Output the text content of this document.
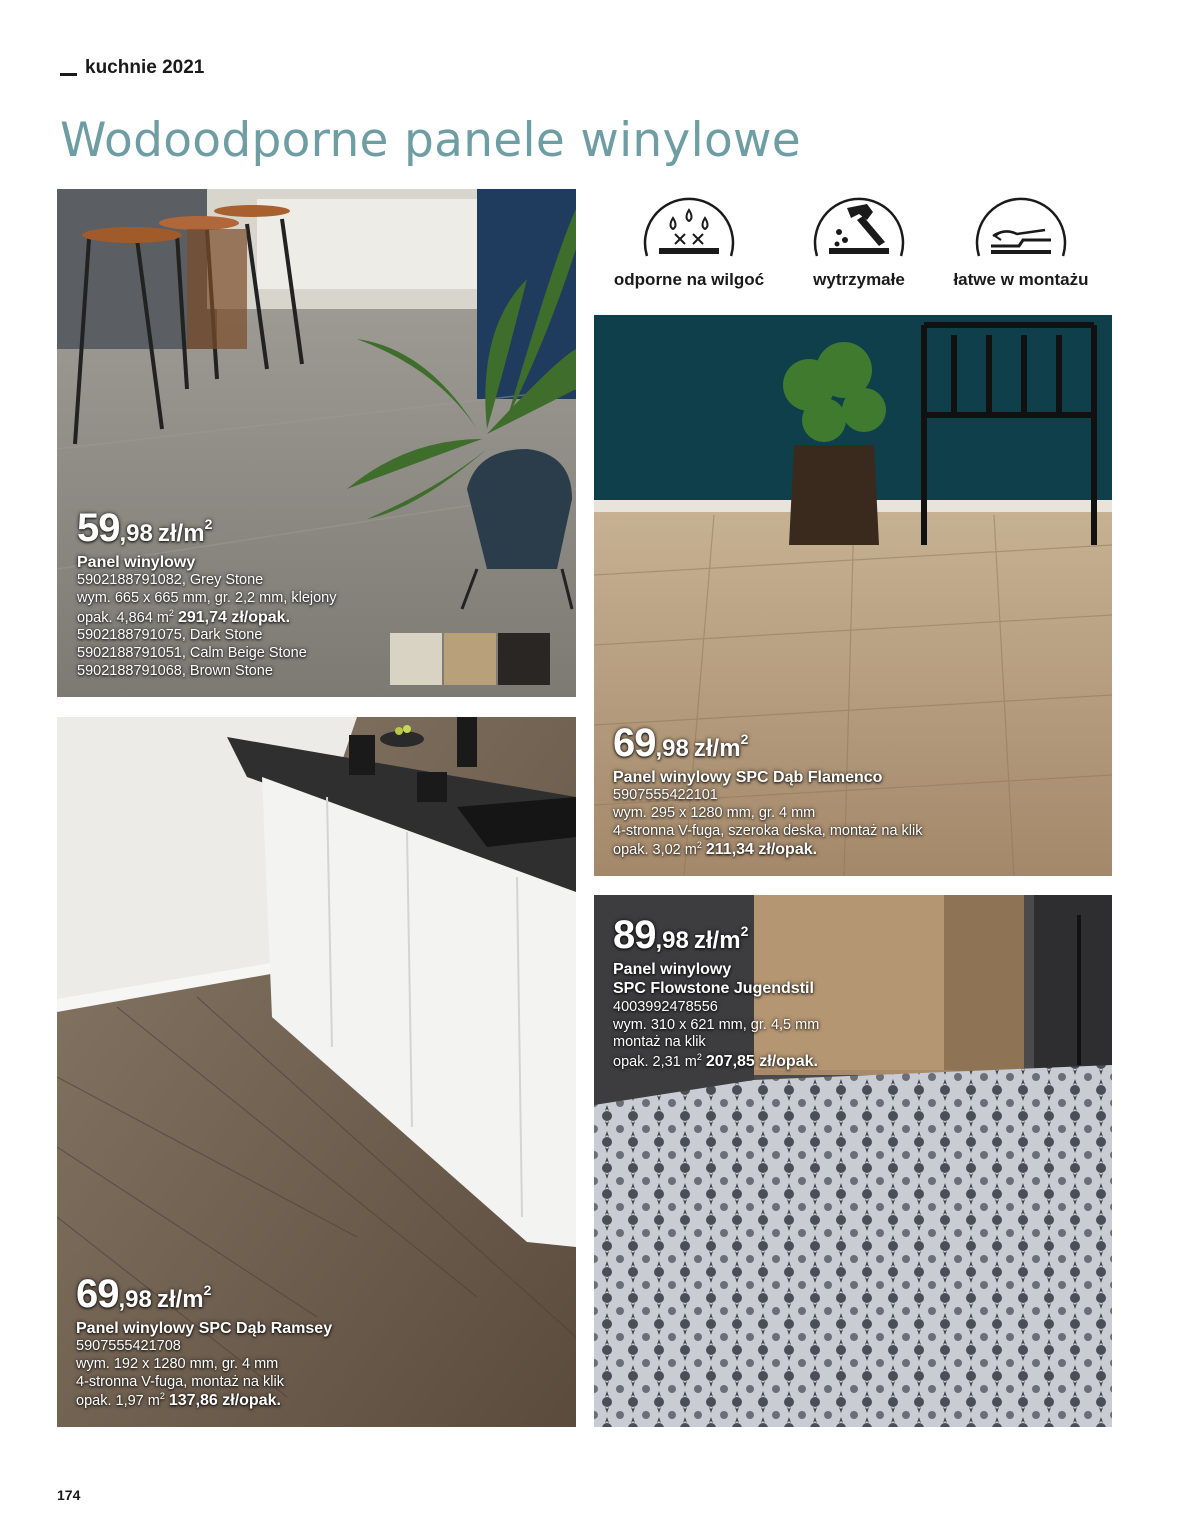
kuchnie 2021
Wodoodporne panele winylowe
odporne na wilgoć	wytrzymałe	łatwe w montażu
59,98 $zł/m^2$
Panel winylowy
5902188791082, Grey Stone
wym. 665 x 665 mm, gr. 2,2 mm, klejony
opak. 4,864 $m^2$ 291,74 zł/opak.
5902188791075, Dark Stone
5902188791051, Calm Beige Stone
5902188791068, Brown Stone
69,98 $zł/m^2$
Panel winylowy SPC Dąb Flamenco
5907555422101
wym. 295 x 1280 mm, gr. 4 mm
4-stronna V-fuga, szeroka deska, montaż na klik
opak. 3,02 $m^2$ 211,34 zł/opak.
69,98 $zł/m^2$
Panel winylowy SPC Dąb Ramsey
5907555421708
wym. 192 x 1280 mm, gr. 4 mm
4-stronna V-fuga, montaż na klik
opak. 1,97 $m^2$ 137,86 zł/opak.
89,98 $zł/m^2$
Panel winylowy
SPC Flowstone Jugendstil
4003992478556
wym. 310 x 621 mm, gr. 4,5 mm
montaż na klik
opak. 2,31 $m^2$ 207,85 zł/opak.
174
